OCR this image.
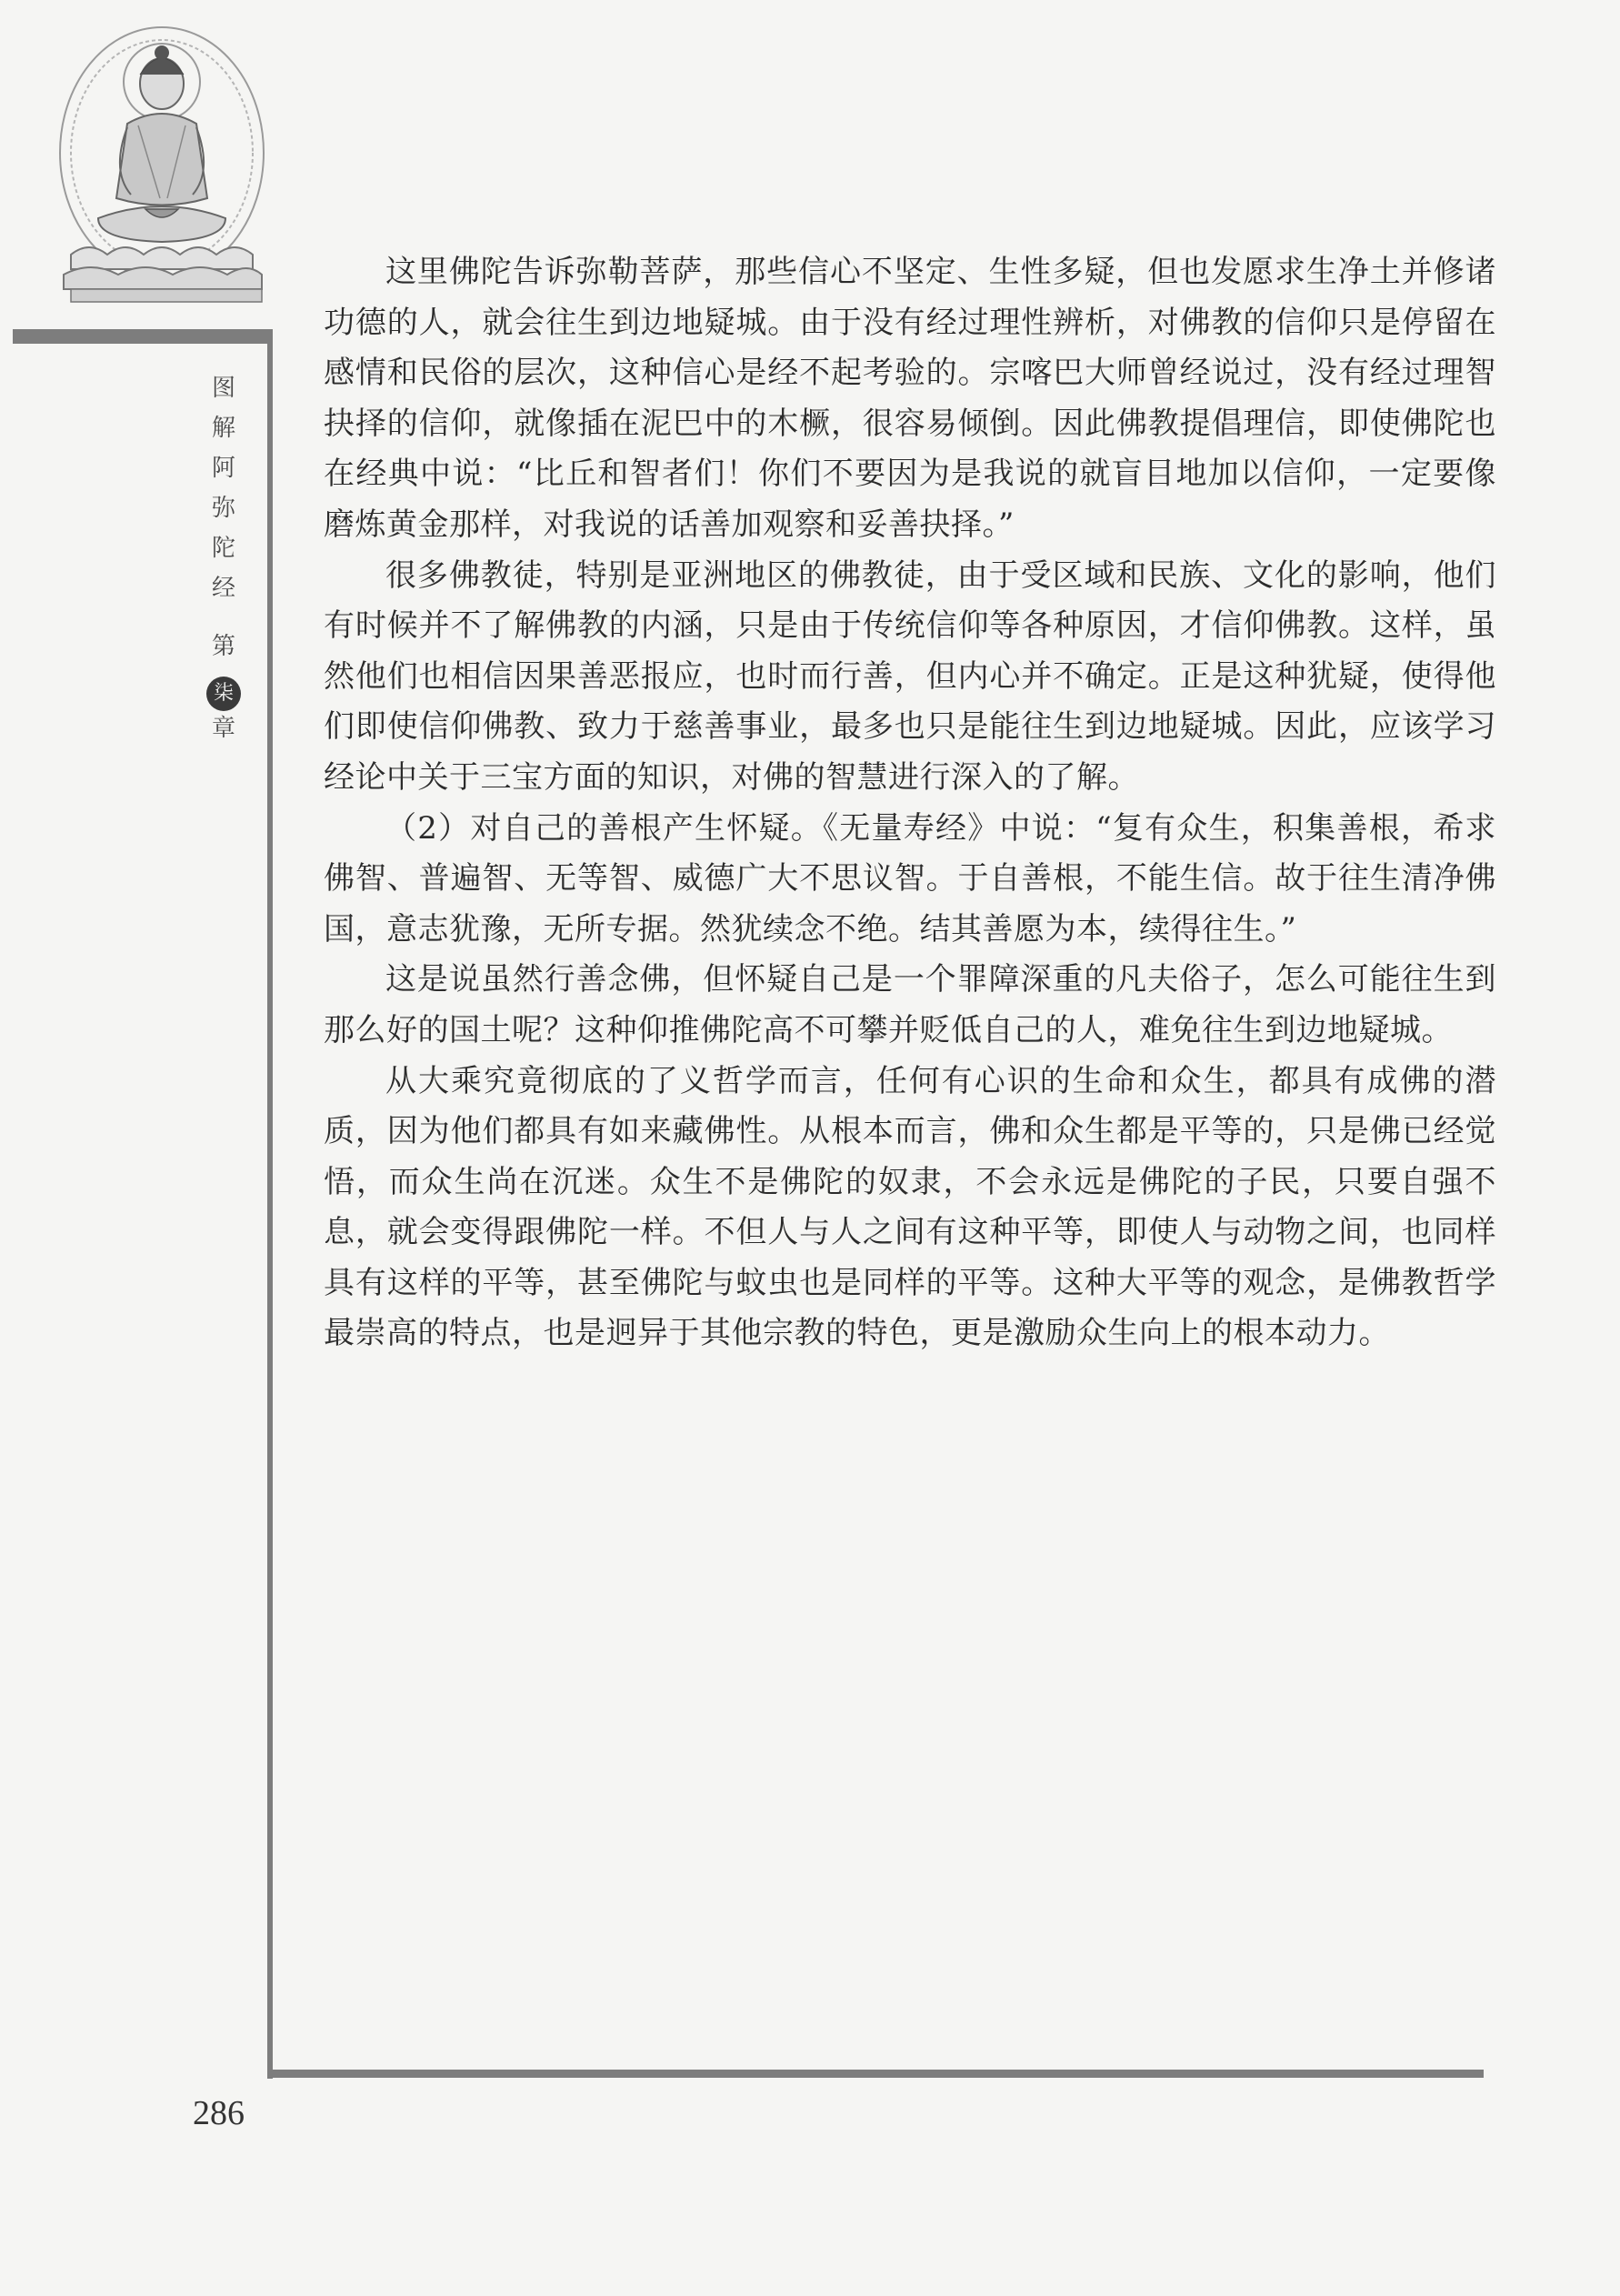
图
解
阿
弥
陀
经
第
柒
章

这里佛陀告诉弥勒菩萨，那些信心不坚定、生性多疑，但也发愿求生净土并修诸功德的人，就会往生到边地疑城。由于没有经过理性辨析，对佛教的信仰只是停留在感情和民俗的层次，这种信心是经不起考验的。宗喀巴大师曾经说过，没有经过理智抉择的信仰，就像插在泥巴中的木橛，很容易倾倒。因此佛教提倡理信，即使佛陀也在经典中说：“比丘和智者们！你们不要因为是我说的就盲目地加以信仰，一定要像磨炼黄金那样，对我说的话善加观察和妥善抉择。”

很多佛教徒，特别是亚洲地区的佛教徒，由于受区域和民族、文化的影响，他们有时候并不了解佛教的内涵，只是由于传统信仰等各种原因，才信仰佛教。这样，虽然他们也相信因果善恶报应，也时而行善，但内心并不确定。正是这种犹疑，使得他们即使信仰佛教、致力于慈善事业，最多也只是能往生到边地疑城。因此，应该学习经论中关于三宝方面的知识，对佛的智慧进行深入的了解。

（2）对自己的善根产生怀疑。《无量寿经》中说：“复有众生，积集善根，希求佛智、普遍智、无等智、威德广大不思议智。于自善根，不能生信。故于往生清净佛国，意志犹豫，无所专据。然犹续念不绝。结其善愿为本，续得往生。”

这是说虽然行善念佛，但怀疑自己是一个罪障深重的凡夫俗子，怎么可能往生到那么好的国土呢？这种仰推佛陀高不可攀并贬低自己的人，难免往生到边地疑城。

从大乘究竟彻底的了义哲学而言，任何有心识的生命和众生，都具有成佛的潜质，因为他们都具有如来藏佛性。从根本而言，佛和众生都是平等的，只是佛已经觉悟，而众生尚在沉迷。众生不是佛陀的奴隶，不会永远是佛陀的子民，只要自强不息，就会变得跟佛陀一样。不但人与人之间有这种平等，即使人与动物之间，也同样具有这样的平等，甚至佛陀与蚊虫也是同样的平等。这种大平等的观念，是佛教哲学最崇高的特点，也是迥异于其他宗教的特色，更是激励众生向上的根本动力。

286
